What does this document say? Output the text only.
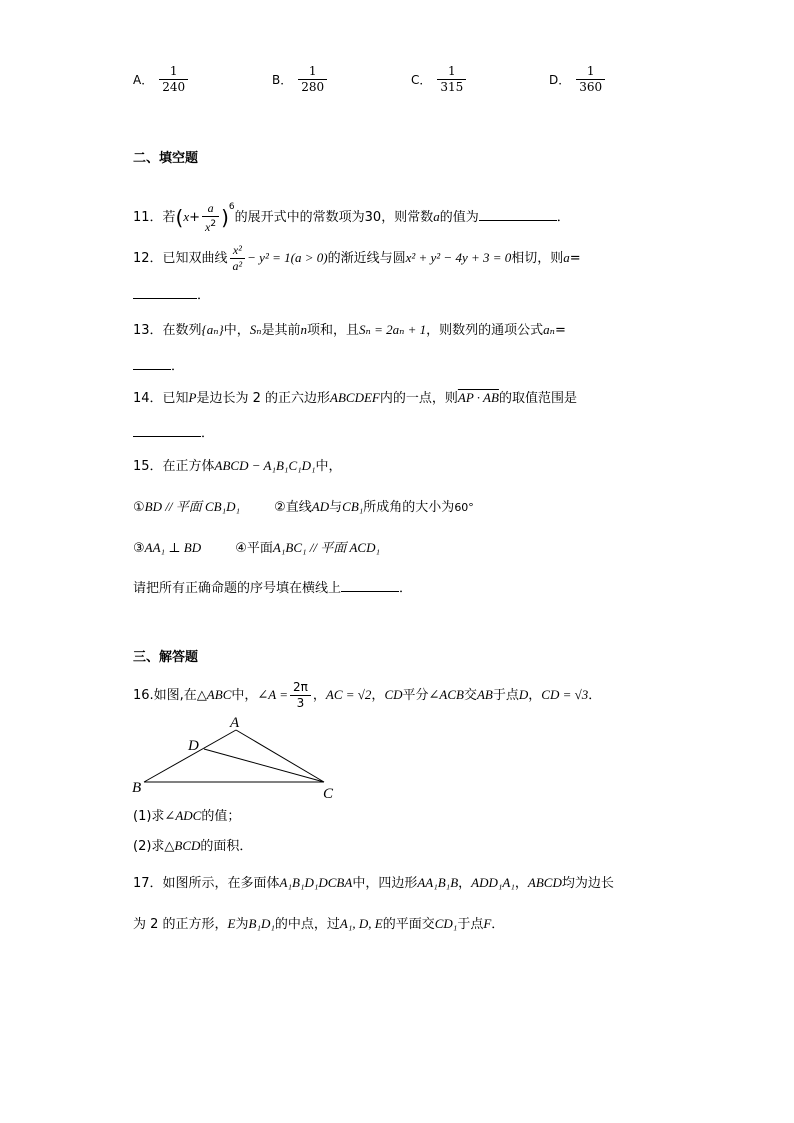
A． $\frac{1}{240}$	B． $\frac{1}{280}$	C． $\frac{1}{315}$	D． $\frac{1}{360}$
二、填空题
11．若$(x+ \frac{a}{x^2} )^6$的展开式中的常数项为30，则常数a的值为	．
12．已知双曲线 $\frac{\text{x²}}{\text{a²}} - y^2 = 1(a > 0)$的渐近线与圆x² + y² − 4y + 3 = 0相切，则a=
．
13．在数列{aₙ}中，Sₙ是其前n项和，且Sₙ = 2aₙ + 1，则数列的通项公式aₙ=
．
14．已知P是边长为 2 的正六边形ABCDEF内的一点，则AP · AB的取值范围是
．
15．在正方体ABCD − A₁B₁C₁D₁中，
①BD // 平面 CB₁D₁	②直线AD与CB₁所成角的大小为60°
③AA₁ ⊥ BD	④平面A₁BC₁ // 平面 ACD₁
请把所有正确命题的序号填在横线上	．
三、解答题
16.如图,在△ABC中，∠A = $\frac{2\pi}{3}$ ，AC = √2，CD平分∠ACB交AB于点D，CD = √3．
A
B	C
D
(1)求∠ADC的值；
(2)求△BCD的面积．
17．如图所示，在多面体A₁B₁D₁DCBA中，四边形AA₁B₁B，ADD₁A₁，ABCD均为边长
为 2 的正方形，E为B₁D₁的中点，过A₁, D, E的平面交CD₁于点F．
